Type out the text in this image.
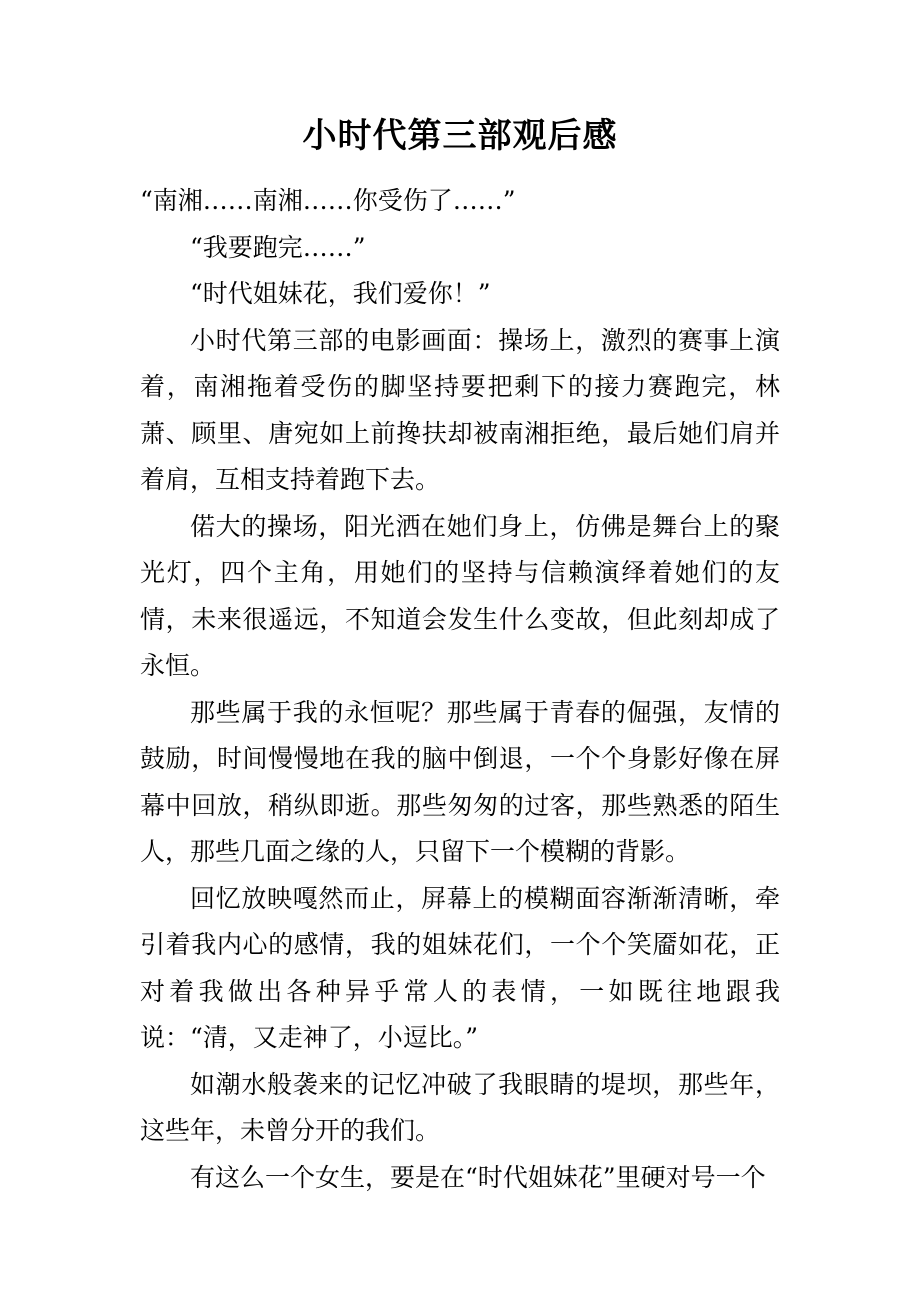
小时代第三部观后感

“南湘……南湘……你受伤了……”

“我要跑完……”

“时代姐妹花，我们爱你！”

小时代第三部的电影画面：操场上，激烈的赛事上演着，南湘拖着受伤的脚坚持要把剩下的接力赛跑完，林萧、顾里、唐宛如上前搀扶却被南湘拒绝，最后她们肩并着肩，互相支持着跑下去。

偌大的操场，阳光洒在她们身上，仿佛是舞台上的聚光灯，四个主角，用她们的坚持与信赖演绎着她们的友情，未来很遥远，不知道会发生什么变故，但此刻却成了永恒。

那些属于我的永恒呢？那些属于青春的倔强，友情的鼓励，时间慢慢地在我的脑中倒退，一个个身影好像在屏幕中回放，稍纵即逝。那些匆匆的过客，那些熟悉的陌生人，那些几面之缘的人，只留下一个模糊的背影。

回忆放映嘎然而止，屏幕上的模糊面容渐渐清晰，牵引着我内心的感情，我的姐妹花们，一个个笑靥如花，正对着我做出各种异乎常人的表情，一如既往地跟我说：“清，又走神了，小逗比。”

如潮水般袭来的记忆冲破了我眼睛的堤坝，那些年，这些年，未曾分开的我们。

有这么一个女生，要是在“时代姐妹花”里硬对号一个
